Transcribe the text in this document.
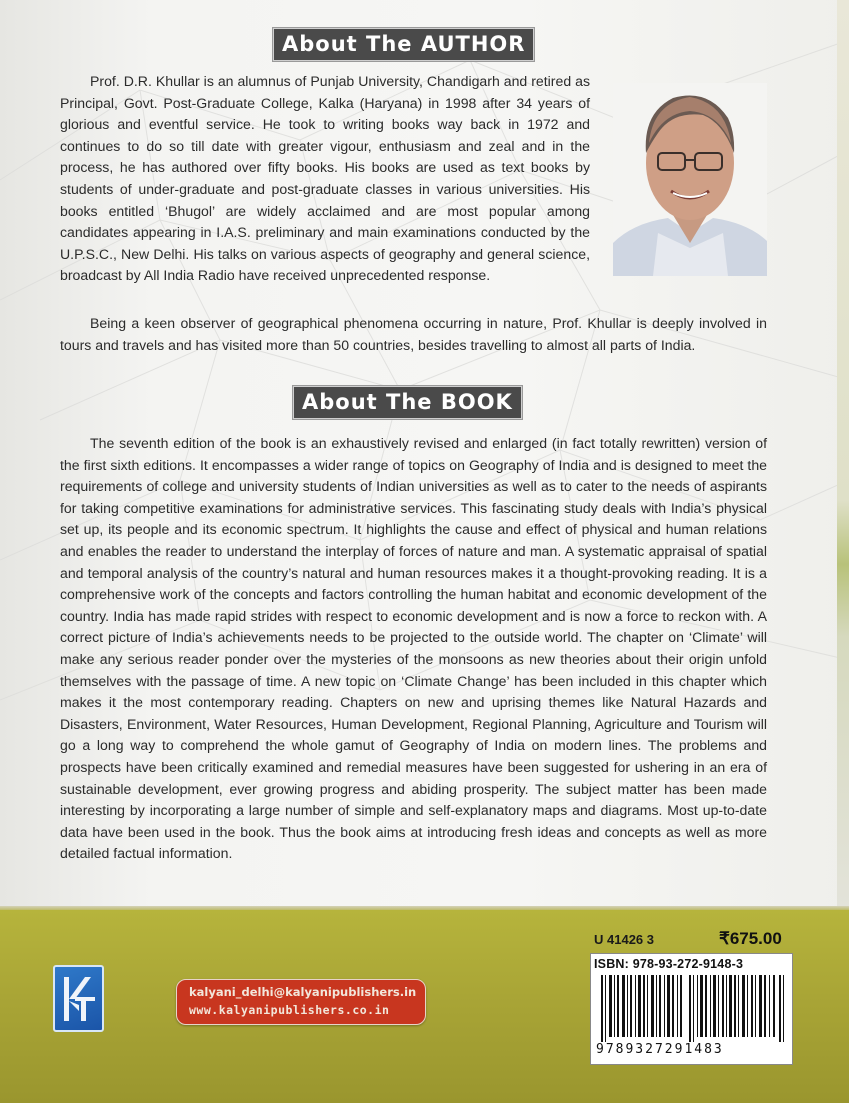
About The AUTHOR

Prof. D.R. Khullar is an alumnus of Punjab University, Chandigarh and retired as Principal, Govt. Post-Graduate College, Kalka (Haryana) in 1998 after 34 years of glorious and eventful service. He took to writing books way back in 1972 and continues to do so till date with greater vigour, enthusiasm and zeal and in the process, he has authored over fifty books. His books are used as text books by students of under-graduate and post-graduate classes in various universities. His books entitled ‘Bhugol’ are widely acclaimed and are most popular among candidates appearing in I.A.S. preliminary and main examinations conducted by the U.P.S.C., New Delhi. His talks on various aspects of geography and general science, broadcast by All India Radio have received unprecedented response.

Being a keen observer of geographical phenomena occurring in nature, Prof. Khullar is deeply involved in tours and travels and has visited more than 50 countries, besides travelling to almost all parts of India.

About The BOOK

The seventh edition of the book is an exhaustively revised and enlarged (in fact totally rewritten) version of the first sixth editions. It encompasses a wider range of topics on Geography of India and is designed to meet the requirements of college and university students of Indian universities as well as to cater to the needs of aspirants for taking competitive examinations for administrative services. This fascinating study deals with India’s physical set up, its people and its economic spectrum. It highlights the cause and effect of physical and human relations and enables the reader to understand the interplay of forces of nature and man. A systematic appraisal of spatial and temporal analysis of the country’s natural and human resources makes it a thought-provoking reading. It is a comprehensive work of the concepts and factors controlling the human habitat and economic development of the country. India has made rapid strides with respect to economic development and is now a force to reckon with. A correct picture of India’s achievements needs to be projected to the outside world. The chapter on ‘Climate’ will make any serious reader ponder over the mysteries of the monsoons as new theories about their origin unfold themselves with the passage of time. A new topic on ‘Climate Change’ has been included in this chapter which makes it the most contemporary reading. Chapters on new and uprising themes like Natural Hazards and Disasters, Environment, Water Resources, Human Development, Regional Planning, Agriculture and Tourism will go a long way to comprehend the whole gamut of Geography of India on modern lines. The problems and prospects have been critically examined and remedial measures have been suggested for ushering in an era of sustainable development, ever growing progress and abiding prosperity. The subject matter has been made interesting by incorporating a large number of simple and self-explanatory maps and diagrams. Most up-to-date data have been used in the book. Thus the book aims at introducing fresh ideas and concepts as well as more detailed factual information.

kalyani_delhi@kalyanipublishers.in
www.kalyanipublishers.co.in
U 41426 3	₹675.00
ISBN: 978-93-272-9148-3
9789327291483
